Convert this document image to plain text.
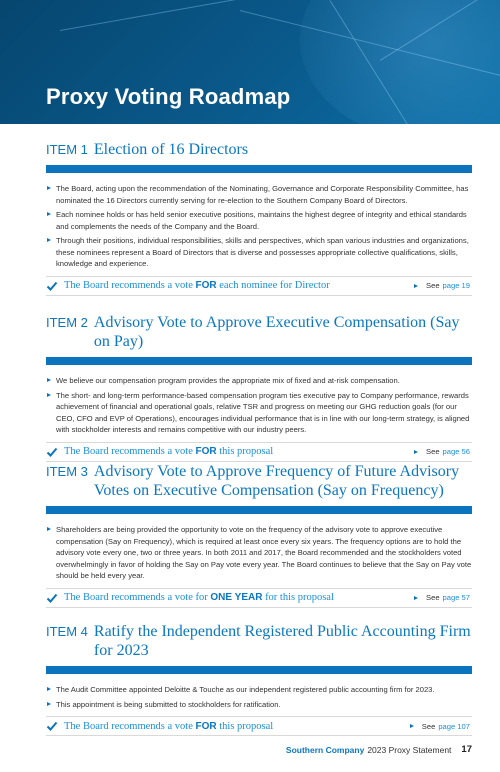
Proxy Voting Roadmap
ITEM 1 Election of 16 Directors
The Board, acting upon the recommendation of the Nominating, Governance and Corporate Responsibility Committee, has nominated the 16 Directors currently serving for re-election to the Southern Company Board of Directors.
Each nominee holds or has held senior executive positions, maintains the highest degree of integrity and ethical standards and complements the needs of the Company and the Board.
Through their positions, individual responsibilities, skills and perspectives, which span various industries and organizations, these nominees represent a Board of Directors that is diverse and possesses appropriate collective qualifications, skills, knowledge and experience.
The Board recommends a vote FOR each nominee for Director	See page 19
ITEM 2 Advisory Vote to Approve Executive Compensation (Say on Pay)
We believe our compensation program provides the appropriate mix of fixed and at-risk compensation.
The short- and long-term performance-based compensation program ties executive pay to Company performance, rewards achievement of financial and operational goals, relative TSR and progress on meeting our GHG reduction goals (for our CEO, CFO and EVP of Operations), encourages individual performance that is in line with our long-term strategy, is aligned with stockholder interests and remains competitive with our industry peers.
The Board recommends a vote FOR this proposal	See page 56
ITEM 3 Advisory Vote to Approve Frequency of Future Advisory Votes on Executive Compensation (Say on Frequency)
Shareholders are being provided the opportunity to vote on the frequency of the advisory vote to approve executive compensation (Say on Frequency), which is required at least once every six years. The frequency options are to hold the advisory vote every one, two or three years. In both 2011 and 2017, the Board recommended and the stockholders voted overwhelmingly in favor of holding the Say on Pay vote every year. The Board continues to believe that the Say on Pay vote should be held every year.
The Board recommends a vote for ONE YEAR for this proposal	See page 57
ITEM 4 Ratify the Independent Registered Public Accounting Firm for 2023
The Audit Committee appointed Deloitte & Touche as our independent registered public accounting firm for 2023.
This appointment is being submitted to stockholders for ratification.
The Board recommends a vote FOR this proposal	See page 107
Southern Company 2023 Proxy Statement 17
